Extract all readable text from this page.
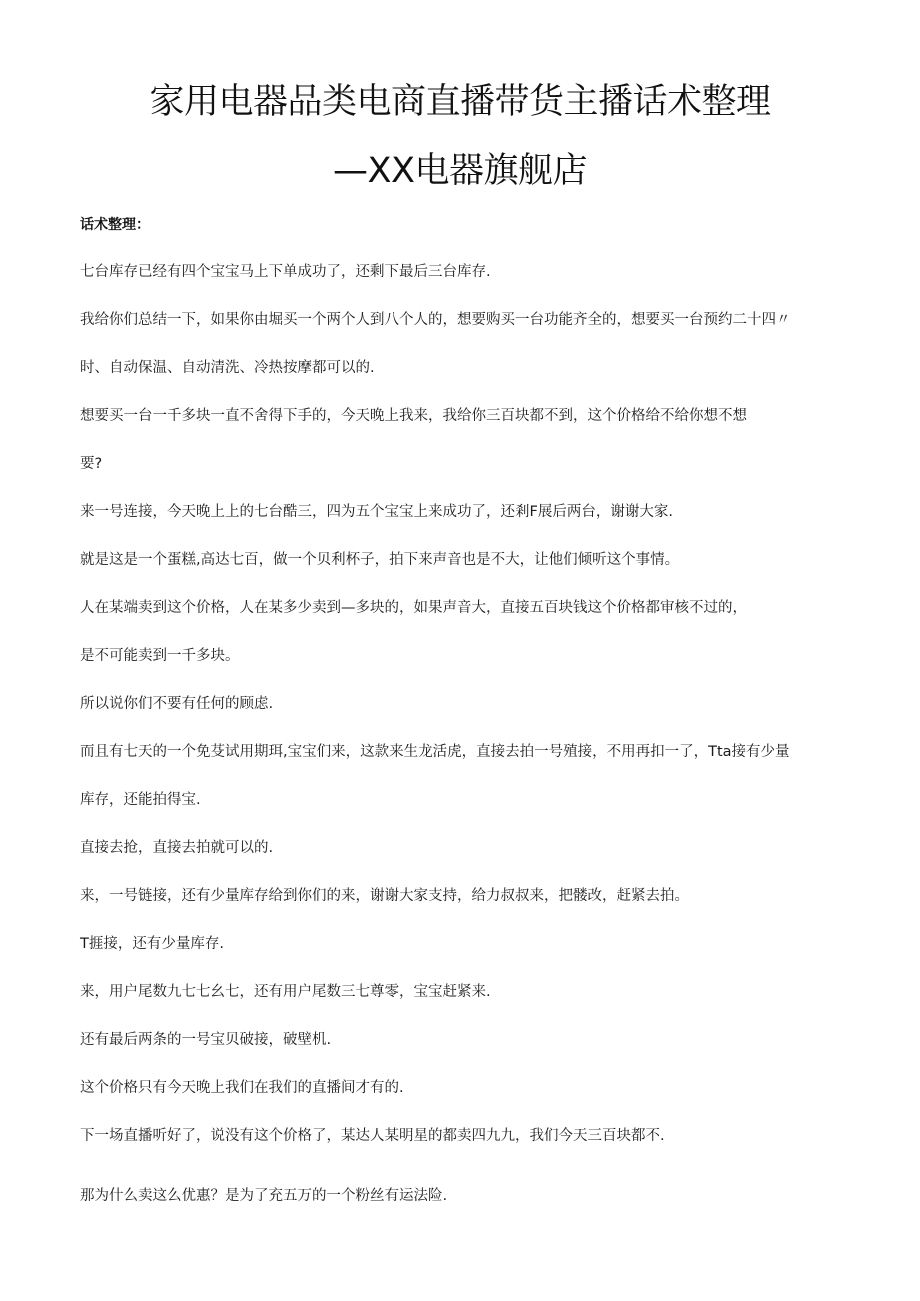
家用电器品类电商直播带货主播话术整理
—XX电器旗舰店

话术整理：

七台库存已经有四个宝宝马上下单成功了，还剩下最后三台库存.

我给你们总结一下，如果你由堀买一个两个人到八个人的，想要购买一台功能齐全的，想要买一台预约二十四〃

时、自动保温、自动清洗、冷热按摩都可以的.

想要买一台一千多块一直不舍得下手的，今天晚上我来，我给你三百块都不到，这个价格给不给你想不想

要?

来一号连接，今天晚上上的七台酷三，四为五个宝宝上来成功了，还剎F展后两台，谢谢大家.

就是这是一个蛋糕,高达七百，做一个贝利杯子，拍下来声音也是不大，让他们倾听这个事情。

人在某端卖到这个价格，人在某多少卖到—多块的，如果声音大，直接五百块钱这个价格都审核不过的，

是不可能卖到一千多块。

所以说你们不要有任何的顾虑.

而且有七天的一个免芟试用期珥,宝宝们来，这款来生龙活虎，直接去拍一号殖接，不用再扣一了，Tta接有少量

库存，还能拍得宝.

直接去抢，直接去拍就可以的.

来，一号链接，还有少量库存给到你们的来，谢谢大家支持，给力叔叔来，把髅改，赶紧去拍。

T捱接，还有少量库存.

来，用户尾数九七七幺七，还有用户尾数三七尊零，宝宝赶紧来.

还有最后两条的一号宝贝破接，破壁机.

这个价格只有今天晚上我们在我们的直播间才有的.

下一场直播听好了，说没有这个价格了，某达人某明星的都卖四九九，我们今天三百块都不.

那为什么卖这么优惠？是为了充五万的一个粉丝有运法险.
